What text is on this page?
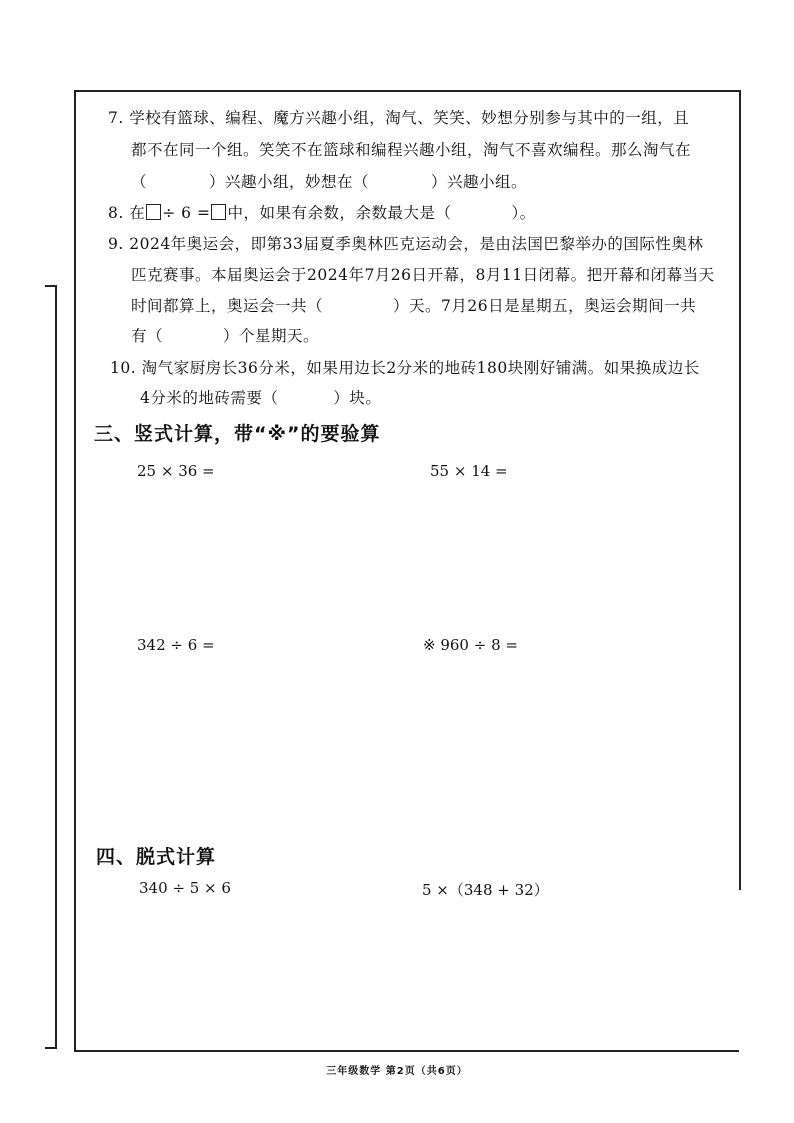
7. 学校有篮球、编程、魔方兴趣小组，淘气、笑笑、妙想分别参与其中的一组，且
都不在同一个组。笑笑不在篮球和编程兴趣小组，淘气不喜欢编程。那么淘气在
（	）兴趣小组，妙想在（	）兴趣小组。
8. 在 ÷ 6 = 中，如果有余数，余数最大是（	）。
9. 2024年奥运会，即第33届夏季奥林匹克运动会，是由法国巴黎举办的国际性奥林
匹克赛事。本届奥运会于2024年7月26日开幕，8月11日闭幕。把开幕和闭幕当天
时间都算上，奥运会一共（	）天。7月26日是星期五，奥运会期间一共
有（	）个星期天。
10. 淘气家厨房长36分米，如果用边长2分米的地砖180块刚好铺满。如果换成边长
4分米的地砖需要（	）块。
三、竖式计算，带“※”的要验算
25 × 36 =	55 × 14 =
342 ÷ 6 =	※ 960 ÷ 8 =
四、脱式计算
340 ÷ 5 × 6	5 ×（348 + 32）
三年级数学 第2页（共6页）
